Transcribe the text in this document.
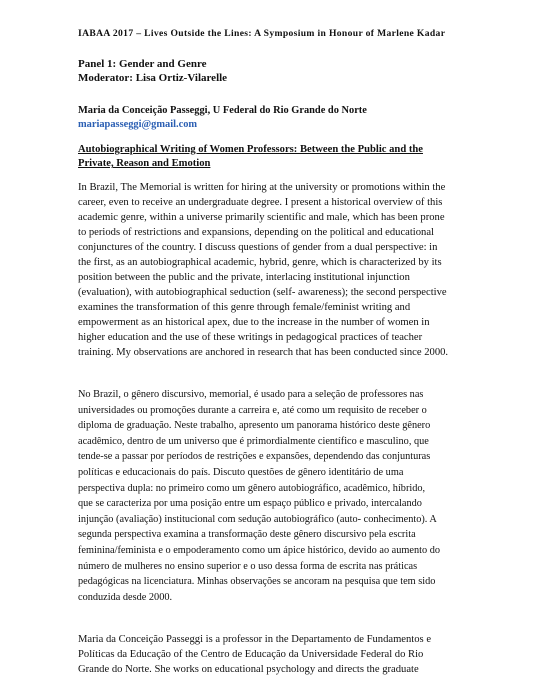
IABAA 2017 – Lives Outside the Lines: A Symposium in Honour of Marlene Kadar
Panel 1: Gender and Genre
Moderator: Lisa Ortiz-Vilarelle
Maria da Conceição Passeggi, U Federal do Rio Grande do Norte
mariapasseggi@gmail.com
Autobiographical Writing of Women Professors: Between the Public and the
Private, Reason and Emotion
In Brazil, The Memorial is written for hiring at the university or promotions within the
career, even to receive an undergraduate degree. I present a historical overview of this
academic genre, within a universe primarily scientific and male, which has been prone
to periods of restrictions and expansions, depending on the political and educational
conjunctures of the country. I discuss questions of gender from a dual perspective: in
the first, as an autobiographical academic, hybrid, genre, which is characterized by its
position between the public and the private, interlacing institutional injunction
(evaluation), with autobiographical seduction (self- awareness); the second perspective
examines the transformation of this genre through female/feminist writing and
empowerment as an historical apex, due to the increase in the number of women in
higher education and the use of these writings in pedagogical practices of teacher
training. My observations are anchored in research that has been conducted since 2000.
No Brazil, o gênero discursivo, memorial, é usado para a seleção de professores nas
universidades ou promoções durante a carreira e, até como um requisito de receber o
diploma de graduação. Neste trabalho, apresento um panorama histórico deste gênero
acadêmico, dentro de um universo que é primordialmente científico e masculino, que
tende-se a passar por períodos de restrições e expansões, dependendo das conjunturas
políticas e educacionais do país. Discuto questões de gênero identitário de uma
perspectiva dupla: no primeiro como um gênero autobiográfico, acadêmico, híbrido,
que se caracteriza por uma posição entre um espaço público e privado, intercalando
injunção (avaliação) institucional com sedução autobiográfico (auto- conhecimento). A
segunda perspectiva examina a transformação deste gênero discursivo pela escrita
feminina/feminista e o empoderamento como um ápice histórico, devido ao aumento do
número de mulheres no ensino superior e o uso dessa forma de escrita nas práticas
pedagógicas na licenciatura. Minhas observações se ancoram na pesquisa que tem sido
conduzida desde 2000.
Maria da Conceição Passeggi is a professor in the Departamento de Fundamentos e
Políticas da Educação of the Centro de Educação da Universidade Federal do Rio
Grande do Norte. She works on educational psychology and directs the graduate
